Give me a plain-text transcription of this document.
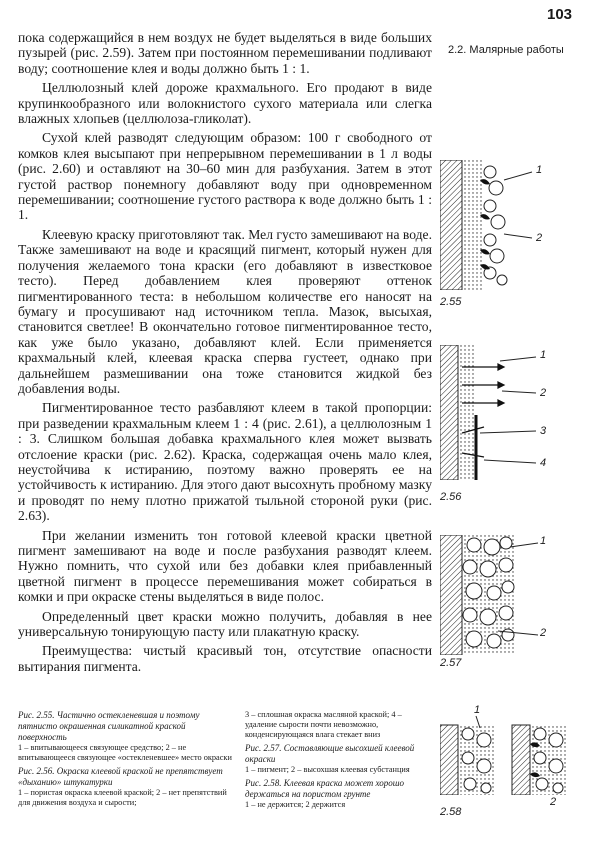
103
2.2. Малярные работы

пока содержащийся в нем воздух не будет выделяться в виде больших пузырей (рис. 2.59). Затем при постоянном перемешивании подливают воду; соотношение клея и воды должно быть 1 : 1.

Целлюлозный клей дороже крахмального. Его продают в виде крупинкообразного или волокнистого сухого материала или слегка влажных хлопьев (целлюлоза-гликолат).

Сухой клей разводят следующим образом: 100 г свободного от комков клея высыпают при непрерывном перемешивании в 1 л воды (рис. 2.60) и оставляют на 30–60 мин для разбухания. Затем в этот густой раствор понемногу добавляют воду при одновременном перемешивании; соотношение густого раствора к воде должно быть 1 : 1.

Клеевую краску приготовляют так. Мел густо замешивают на воде. Также замешивают на воде и красящий пигмент, который нужен для получения желаемого тона краски (его добавляют в известковое тесто). Перед добавлением клея проверяют оттенок пигментированного теста: в небольшом количестве его наносят на бумагу и просушивают над источником тепла. Мазок, высыхая, становится светлее! В окончательно готовое пигментированное тесто, как уже было указано, добавляют клей. Если применяется крахмальный клей, клеевая краска сперва густеет, однако при дальнейшем размешивании она тоже становится жидкой без добавления воды.

Пигментированное тесто разбавляют клеем в такой пропорции: при разведении крахмальным клеем 1 : 4 (рис. 2.61), а целлюлозным 1 : 3. Слишком большая добавка крахмального клея может вызвать отслоение краски (рис. 2.62). Краска, содержащая очень мало клея, неустойчива к истиранию, поэтому важно проверять ее на устойчивость к истиранию. Для этого дают высохнуть пробному мазку и проводят по нему плотно прижатой тыльной стороной руки (рис. 2.63).

При желании изменить тон готовой клеевой краски цветной пигмент замешивают на воде и после разбухания разводят клеем. Нужно помнить, что сухой или без добавки клея прибавленный цветной пигмент в процессе перемешивания может собираться в комки и при окраске стены выделяться в виде полос.

Определенный цвет краски можно получить, добавляя в нее универсальную тонирующую пасту или плакатную краску.

Преимущества: чистый красивый тон, отсутствие опасности вытирания пигмента.

1
2
2.55
1
2
3
4
2.56
1
2
2.57
1
2
2.58
Рис. 2.55. Частично остекленевшая и поэтому пятнисто окрашенная силикатной краской поверхность
1 – впитывающееся связующее средство; 2 – не впитывающееся связующее «остекленевшее» место окраски
Рис. 2.56. Окраска клеевой краской не препятствует «дыханию» штукатурки
1 – пористая окраска клеевой краской; 2 – нет препятствий для движения воздуха и сырости;
3 – сплошная окраска масляной краской; 4 – удаление сырости почти невозможно, конденсирующаяся влага стекает вниз
Рис. 2.57. Составляющие высохшей клеевой окраски
1 – пигмент; 2 – высохшая клеевая субстанция
Рис. 2.58. Клеевая краска может хорошо держаться на пористом грунте
1 – не держится; 2 держится
